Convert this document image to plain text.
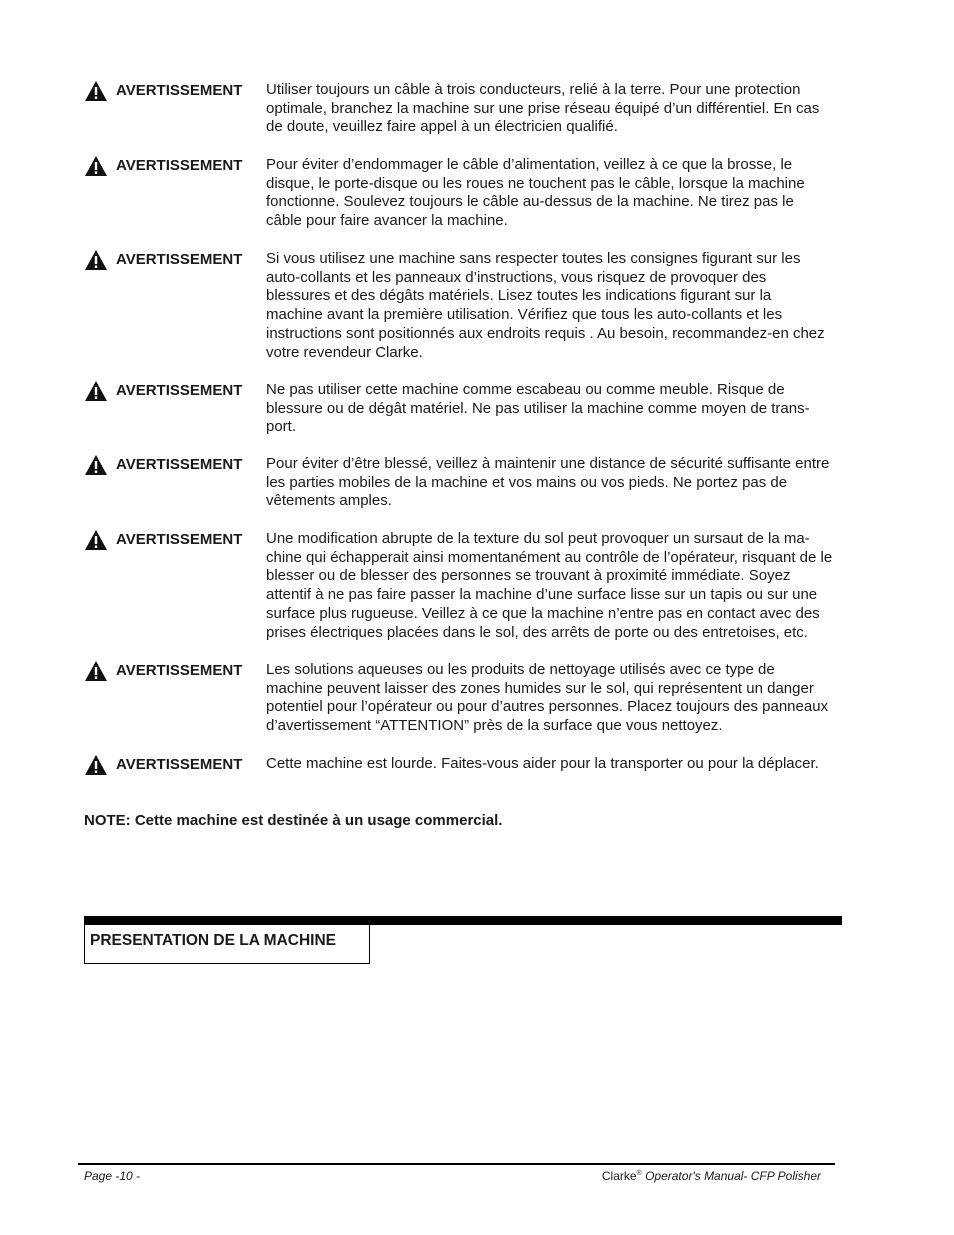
AVERTISSEMENT Utiliser toujours un câble à trois conducteurs, relié à la terre. Pour une protection
optimale, branchez la machine sur une prise réseau équipé d’un différentiel. En cas
de doute, veuillez faire appel à un électricien qualifié.
AVERTISSEMENT Pour éviter d’endommager le câble d’alimentation, veillez à ce que la brosse, le
disque, le porte-disque ou les roues ne touchent pas le câble, lorsque la machine
fonctionne. Soulevez toujours le câble au-dessus de la machine. Ne tirez pas le
câble pour faire avancer la machine.
AVERTISSEMENT Si vous utilisez une machine sans respecter toutes les consignes figurant sur les
auto-collants et les panneaux d’instructions, vous risquez de provoquer des
blessures et des dégâts matériels. Lisez toutes les indications figurant sur la
machine avant la première utilisation. Vérifiez que tous les auto-collants et les
instructions sont positionnés aux endroits requis . Au besoin, recommandez-en chez
votre revendeur Clarke.
AVERTISSEMENT Ne pas utiliser cette machine comme escabeau ou comme meuble. Risque de
blessure ou de dégât matériel. Ne pas utiliser la machine comme moyen de trans-
port.
AVERTISSEMENT Pour éviter d’être blessé, veillez à maintenir une distance de sécurité suffisante entre
les parties mobiles de la machine et vos mains ou vos pieds. Ne portez pas de
vêtements amples.
AVERTISSEMENT Une modification abrupte de la texture du sol peut provoquer un sursaut de la ma-
chine qui échapperait ainsi momentanément au contrôle de l’opérateur, risquant de le
blesser ou de blesser des personnes se trouvant à proximité immédiate. Soyez
attentif à ne pas faire passer la machine d’une surface lisse sur un tapis ou sur une
surface plus rugueuse. Veillez à ce que la machine n’entre pas en contact avec des
prises électriques placées dans le sol, des arrêts de porte ou des entretoises, etc.
AVERTISSEMENT Les solutions aqueuses ou les produits de nettoyage utilisés avec ce type de
machine peuvent laisser des zones humides sur le sol, qui représentent un danger
potentiel pour l’opérateur ou pour d’autres personnes. Placez toujours des panneaux
d’avertissement “ATTENTION” près de la surface que vous nettoyez.
AVERTISSEMENT Cette machine est lourde. Faites-vous aider pour la transporter ou pour la déplacer.
NOTE: Cette machine est destinée à un usage commercial.
PRESENTATION DE LA MACHINE
Page -10 -	Clarke® Operator's Manual- CFP Polisher
